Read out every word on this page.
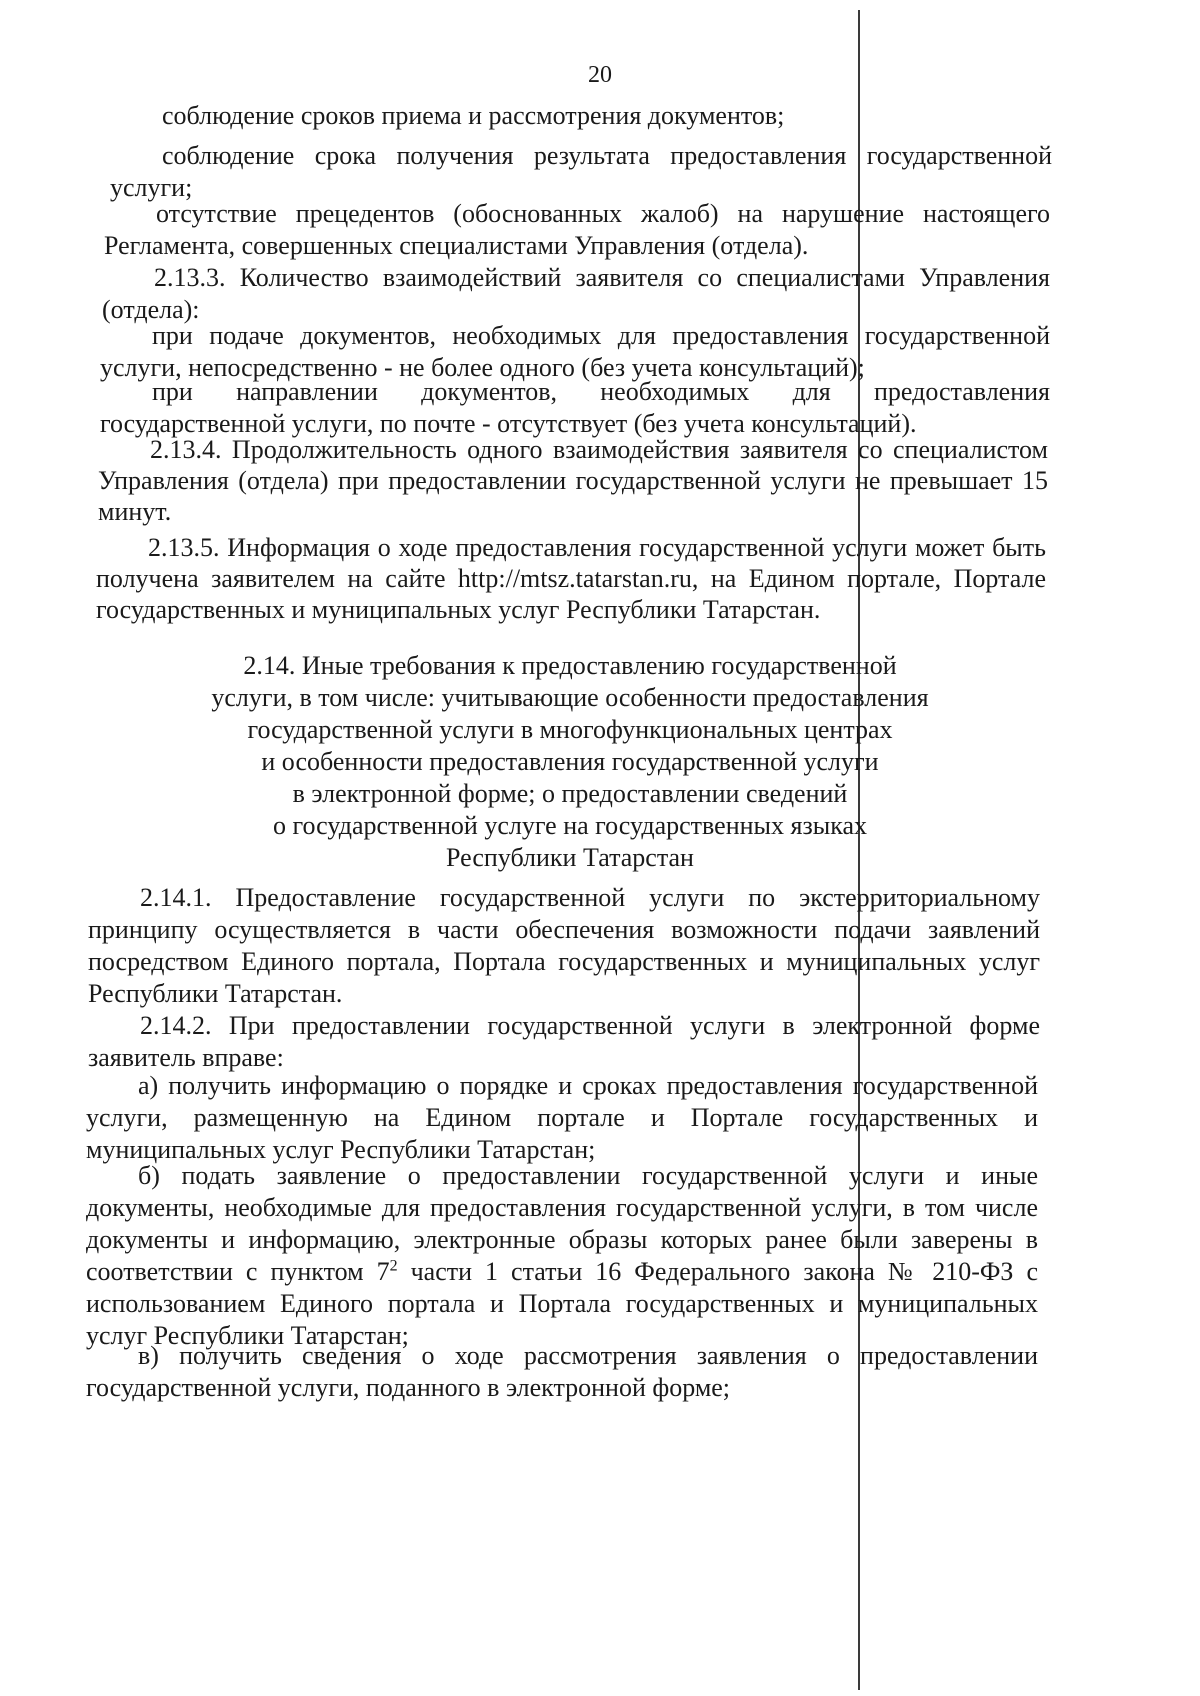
20
соблюдение сроков приема и рассмотрения документов;
соблюдение срока получения результата предоставления государственной услуги;
отсутствие прецедентов (обоснованных жалоб) на нарушение настоящего Регламента, совершенных специалистами Управления (отдела).
2.13.3. Количество взаимодействий заявителя со специалистами Управления (отдела):
при подаче документов, необходимых для предоставления государственной услуги, непосредственно - не более одного (без учета консультаций);
при направлении документов, необходимых для предоставления государственной услуги, по почте - отсутствует (без учета консультаций).
2.13.4. Продолжительность одного взаимодействия заявителя со специалистом Управления (отдела) при предоставлении государственной услуги не превышает 15 минут.
2.13.5. Информация о ходе предоставления государственной услуги может быть получена заявителем на сайте http://mtsz.tatarstan.ru, на Едином портале, Портале государственных и муниципальных услуг Республики Татарстан.
2.14. Иные требования к предоставлению государственной
услуги, в том числе: учитывающие особенности предоставления
государственной услуги в многофункциональных центрах
и особенности предоставления государственной услуги
в электронной форме; о предоставлении сведений
о государственной услуге на государственных языках
Республики Татарстан
2.14.1. Предоставление государственной услуги по экстерриториальному принципу осуществляется в части обеспечения возможности подачи заявлений посредством Единого портала, Портала государственных и муниципальных услуг Республики Татарстан.
2.14.2. При предоставлении государственной услуги в электронной форме заявитель вправе:
а) получить информацию о порядке и сроках предоставления государственной услуги, размещенную на Едином портале и Портале государственных и муниципальных услуг Республики Татарстан;
б) подать заявление о предоставлении государственной услуги и иные документы, необходимые для предоставления государственной услуги, в том числе документы и информацию, электронные образы которых ранее были заверены в соответствии с пунктом $7^2$ части 1 статьи 16 Федерального закона № 210-ФЗ с использованием Единого портала и Портала государственных и муниципальных услуг Республики Татарстан;
в) получить сведения о ходе рассмотрения заявления о предоставлении государственной услуги, поданного в электронной форме;
